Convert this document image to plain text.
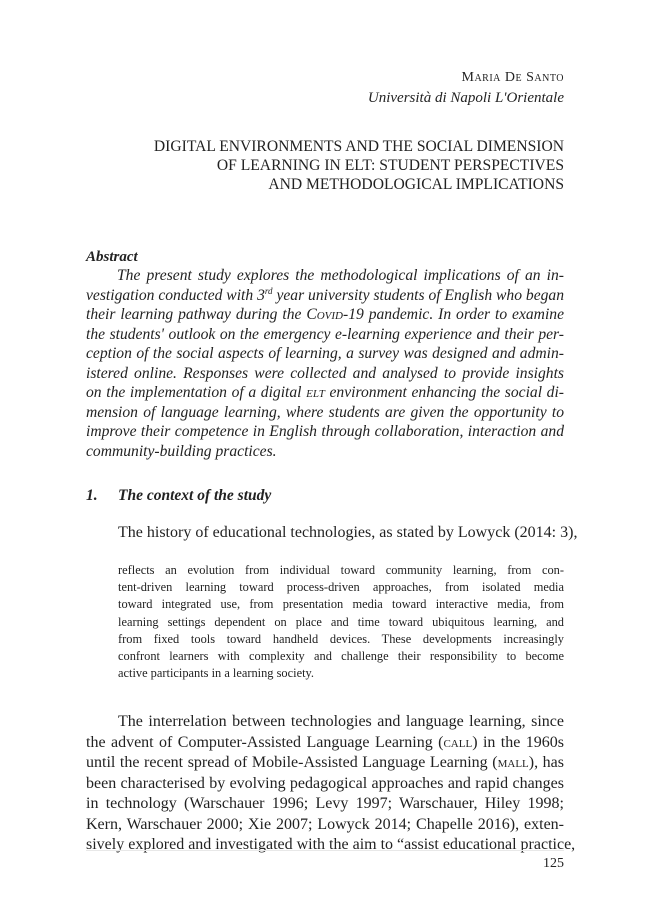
Maria De Santo
Università di Napoli L'Orientale
DIGITAL ENVIRONMENTS AND THE SOCIAL DIMENSION
OF LEARNING IN ELT: STUDENT PERSPECTIVES
AND METHODOLOGICAL IMPLICATIONS
Abstract
The present study explores the methodological implications of an in-
vestigation conducted with 3rd year university students of English who began
their learning pathway during the Covid-19 pandemic. In order to examine
the students' outlook on the emergency e-learning experience and their per-
ception of the social aspects of learning, a survey was designed and admin-
istered online. Responses were collected and analysed to provide insights
on the implementation of a digital elt environment enhancing the social di-
mension of language learning, where students are given the opportunity to
improve their competence in English through collaboration, interaction and
community-building practices.
1. The context of the study
The history of educational technologies, as stated by Lowyck (2014: 3),
reflects an evolution from individual toward community learning, from con-
tent-driven learning toward process-driven approaches, from isolated media
toward integrated use, from presentation media toward interactive media, from
learning settings dependent on place and time toward ubiquitous learning, and
from fixed tools toward handheld devices. These developments increasingly
confront learners with complexity and challenge their responsibility to become
active participants in a learning society.
The interrelation between technologies and language learning, since
the advent of Computer-Assisted Language Learning (call) in the 1960s
until the recent spread of Mobile-Assisted Language Learning (mall), has
been characterised by evolving pedagogical approaches and rapid changes
in technology (Warschauer 1996; Levy 1997; Warschauer, Hiley 1998;
Kern, Warschauer 2000; Xie 2007; Lowyck 2014; Chapelle 2016), exten-
sively explored and investigated with the aim to “assist educational practice,
125
